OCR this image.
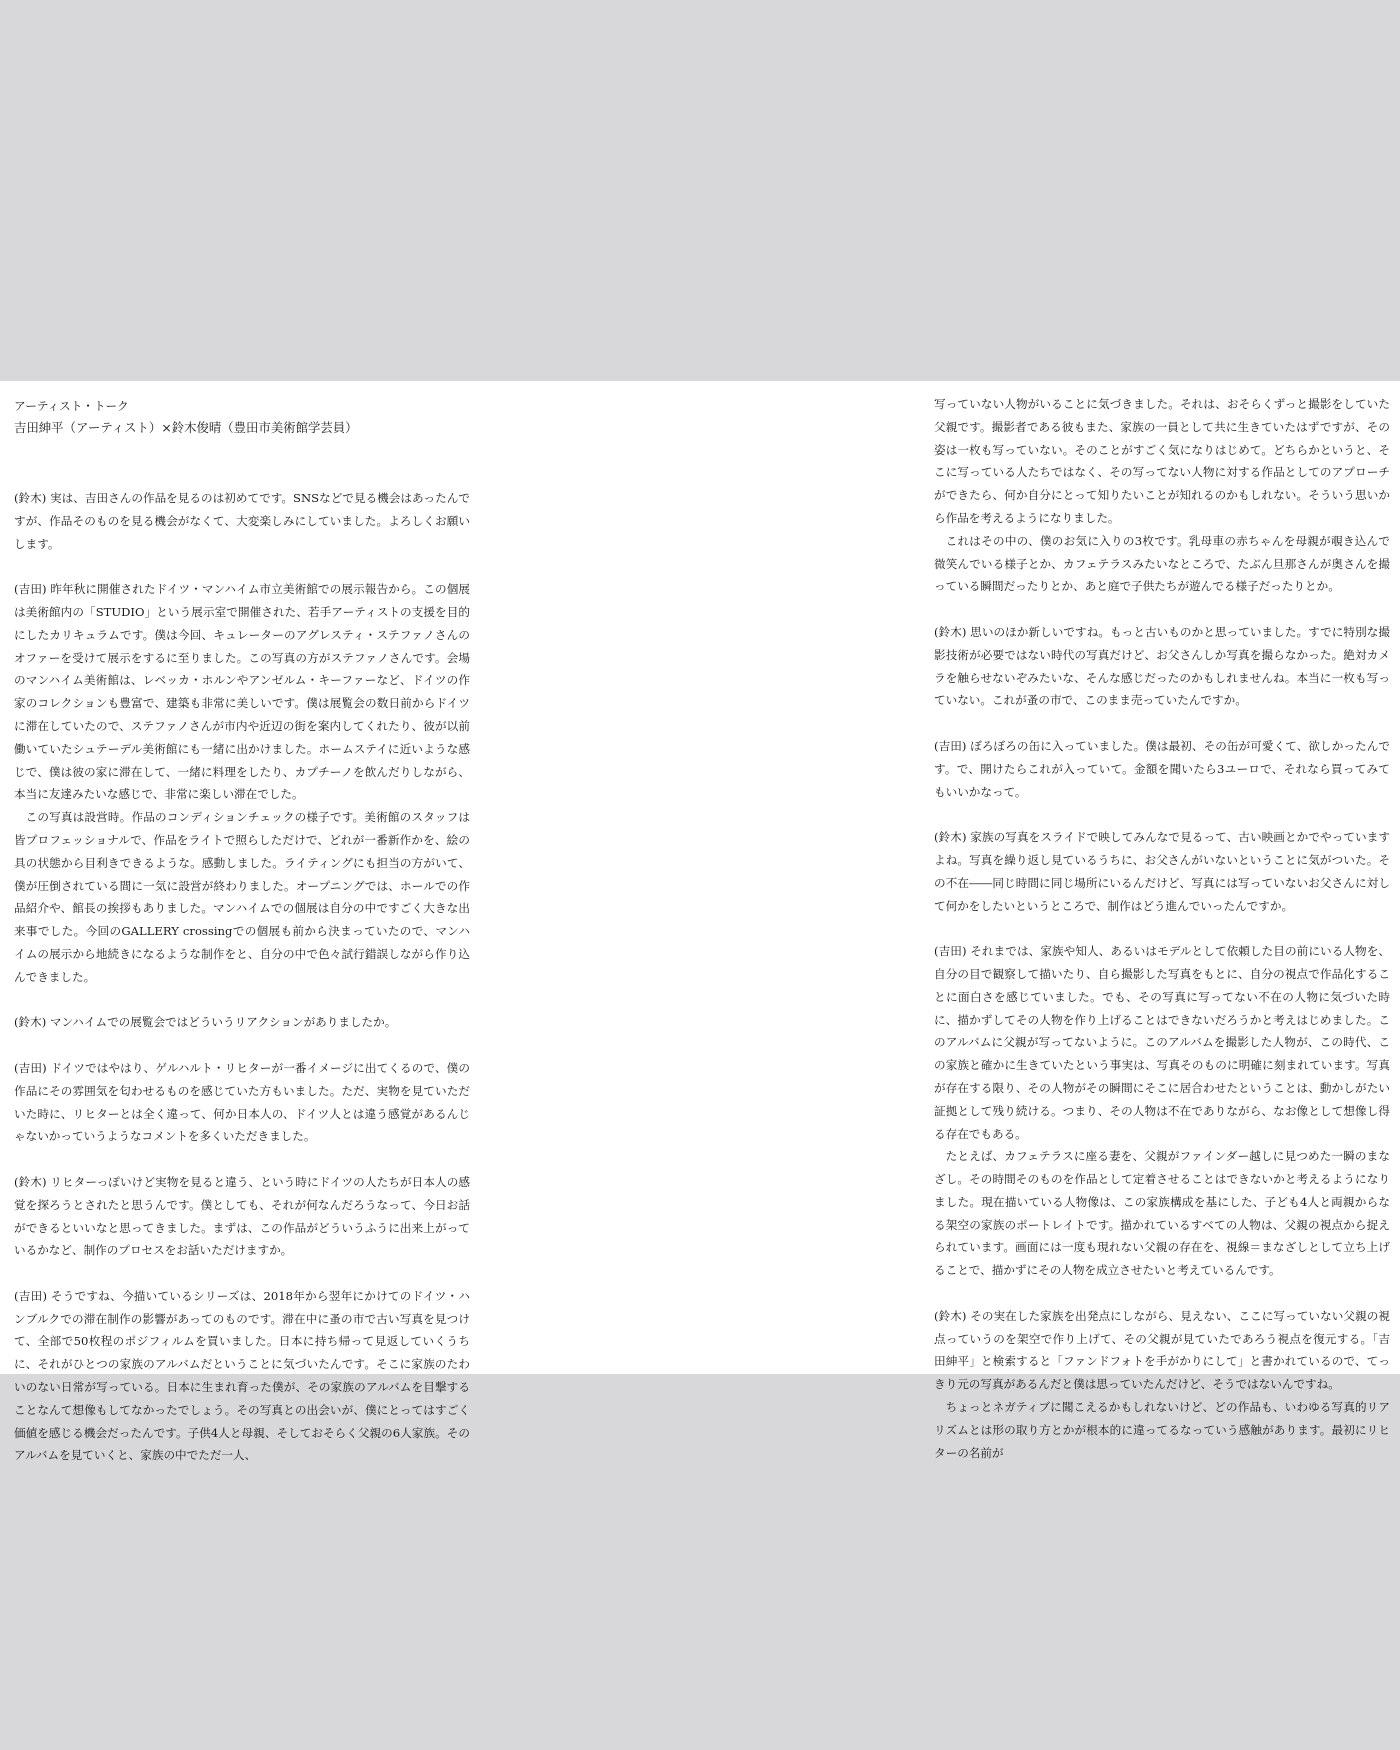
アーティスト・トーク

吉田紳平（アーティスト）×鈴木俊晴（豊田市美術館学芸員）

(鈴木) 実は、吉田さんの作品を見るのは初めてです。SNSなどで見る機会はあったんですが、作品そのものを見る機会がなくて、大変楽しみにしていました。よろしくお願いします。

(吉田) 昨年秋に開催されたドイツ・マンハイム市立美術館での展示報告から。この個展は美術館内の「STUDIO」という展示室で開催された、若手アーティストの支援を目的にしたカリキュラムです。僕は今回、キュレーターのアグレスティ・ステファノさんのオファーを受けて展示をするに至りました。この写真の方がステファノさんです。会場のマンハイム美術館は、レベッカ・ホルンやアンゼルム・キーファーなど、ドイツの作家のコレクションも豊富で、建築も非常に美しいです。僕は展覧会の数日前からドイツに滞在していたので、ステファノさんが市内や近辺の街を案内してくれたり、彼が以前働いていたシュテーデル美術館にも一緒に出かけました。ホームステイに近いような感じで、僕は彼の家に滞在して、一緒に料理をしたり、カプチーノを飲んだりしながら、本当に友達みたいな感じで、非常に楽しい滞在でした。

この写真は設営時。作品のコンディションチェックの様子です。美術館のスタッフは皆プロフェッショナルで、作品をライトで照らしただけで、どれが一番新作かを、絵の具の状態から目利きできるような。感動しました。ライティングにも担当の方がいて、僕が圧倒されている間に一気に設営が終わりました。オープニングでは、ホールでの作品紹介や、館長の挨拶もありました。マンハイムでの個展は自分の中ですごく大きな出来事でした。今回のGALLERY crossingでの個展も前から決まっていたので、マンハイムの展示から地続きになるような制作をと、自分の中で色々試行錯誤しながら作り込んできました。

(鈴木) マンハイムでの展覧会ではどういうリアクションがありましたか。

(吉田) ドイツではやはり、ゲルハルト・リヒターが一番イメージに出てくるので、僕の作品にその雰囲気を匂わせるものを感じていた方もいました。ただ、実物を見ていただいた時に、リヒターとは全く違って、何か日本人の、ドイツ人とは違う感覚があるんじゃないかっていうようなコメントを多くいただきました。

(鈴木) リヒターっぽいけど実物を見ると違う、という時にドイツの人たちが日本人の感覚を探ろうとされたと思うんです。僕としても、それが何なんだろうなって、今日お話ができるといいなと思ってきました。まずは、この作品がどういうふうに出来上がっているかなど、制作のプロセスをお話いただけますか。

(吉田) そうですね、今描いているシリーズは、2018年から翌年にかけてのドイツ・ハンブルクでの滞在制作の影響があってのものです。滞在中に蚤の市で古い写真を見つけて、全部で50枚程のポジフィルムを買いました。日本に持ち帰って見返していくうちに、それがひとつの家族のアルバムだということに気づいたんです。そこに家族のたわいのない日常が写っている。日本に生まれ育った僕が、その家族のアルバムを目撃することなんて想像もしてなかったでしょう。その写真との出会いが、僕にとってはすごく価値を感じる機会だったんです。子供4人と母親、そしておそらく父親の6人家族。そのアルバムを見ていくと、家族の中でただ一人、

写っていない人物がいることに気づきました。それは、おそらくずっと撮影をしていた父親です。撮影者である彼もまた、家族の一員として共に生きていたはずですが、その姿は一枚も写っていない。そのことがすごく気になりはじめて。どちらかというと、そこに写っている人たちではなく、その写ってない人物に対する作品としてのアプローチができたら、何か自分にとって知りたいことが知れるのかもしれない。そういう思いから作品を考えるようになりました。

これはその中の、僕のお気に入りの3枚です。乳母車の赤ちゃんを母親が覗き込んで微笑んでいる様子とか、カフェテラスみたいなところで、たぶん旦那さんが奥さんを撮っている瞬間だったりとか、あと庭で子供たちが遊んでる様子だったりとか。

(鈴木) 思いのほか新しいですね。もっと古いものかと思っていました。すでに特別な撮影技術が必要ではない時代の写真だけど、お父さんしか写真を撮らなかった。絶対カメラを触らせないぞみたいな、そんな感じだったのかもしれませんね。本当に一枚も写っていない。これが蚤の市で、このまま売っていたんですか。

(吉田) ぼろぼろの缶に入っていました。僕は最初、その缶が可愛くて、欲しかったんです。で、開けたらこれが入っていて。金額を聞いたら3ユーロで、それなら買ってみてもいいかなって。

(鈴木) 家族の写真をスライドで映してみんなで見るって、古い映画とかでやっていますよね。写真を繰り返し見ているうちに、お父さんがいないということに気がついた。その不在――同じ時間に同じ場所にいるんだけど、写真には写っていないお父さんに対して何かをしたいというところで、制作はどう進んでいったんですか。

(吉田) それまでは、家族や知人、あるいはモデルとして依頼した目の前にいる人物を、自分の目で観察して描いたり、自ら撮影した写真をもとに、自分の視点で作品化することに面白さを感じていました。でも、その写真に写ってない不在の人物に気づいた時に、描かずしてその人物を作り上げることはできないだろうかと考えはじめました。このアルバムに父親が写ってないように。このアルバムを撮影した人物が、この時代、この家族と確かに生きていたという事実は、写真そのものに明確に刻まれています。写真が存在する限り、その人物がその瞬間にそこに居合わせたということは、動かしがたい証拠として残り続ける。つまり、その人物は不在でありながら、なお像として想像し得る存在でもある。

たとえば、カフェテラスに座る妻を、父親がファインダー越しに見つめた一瞬のまなざし。その時間そのものを作品として定着させることはできないかと考えるようになりました。現在描いている人物像は、この家族構成を基にした、子ども4人と両親からなる架空の家族のポートレイトです。描かれているすべての人物は、父親の視点から捉えられています。画面には一度も現れない父親の存在を、視線＝まなざしとして立ち上げることで、描かずにその人物を成立させたいと考えているんです。

(鈴木) その実在した家族を出発点にしながら、見えない、ここに写っていない父親の視点っていうのを架空で作り上げて、その父親が見ていたであろう視点を復元する。「吉田紳平」と検索すると「ファンドフォトを手がかりにして」と書かれているので、てっきり元の写真があるんだと僕は思っていたんだけど、そうではないんですね。

ちょっとネガティブに聞こえるかもしれないけど、どの作品も、いわゆる写真的リアリズムとは形の取り方とかが根本的に違ってるなっていう感触があります。最初にリヒターの名前が
